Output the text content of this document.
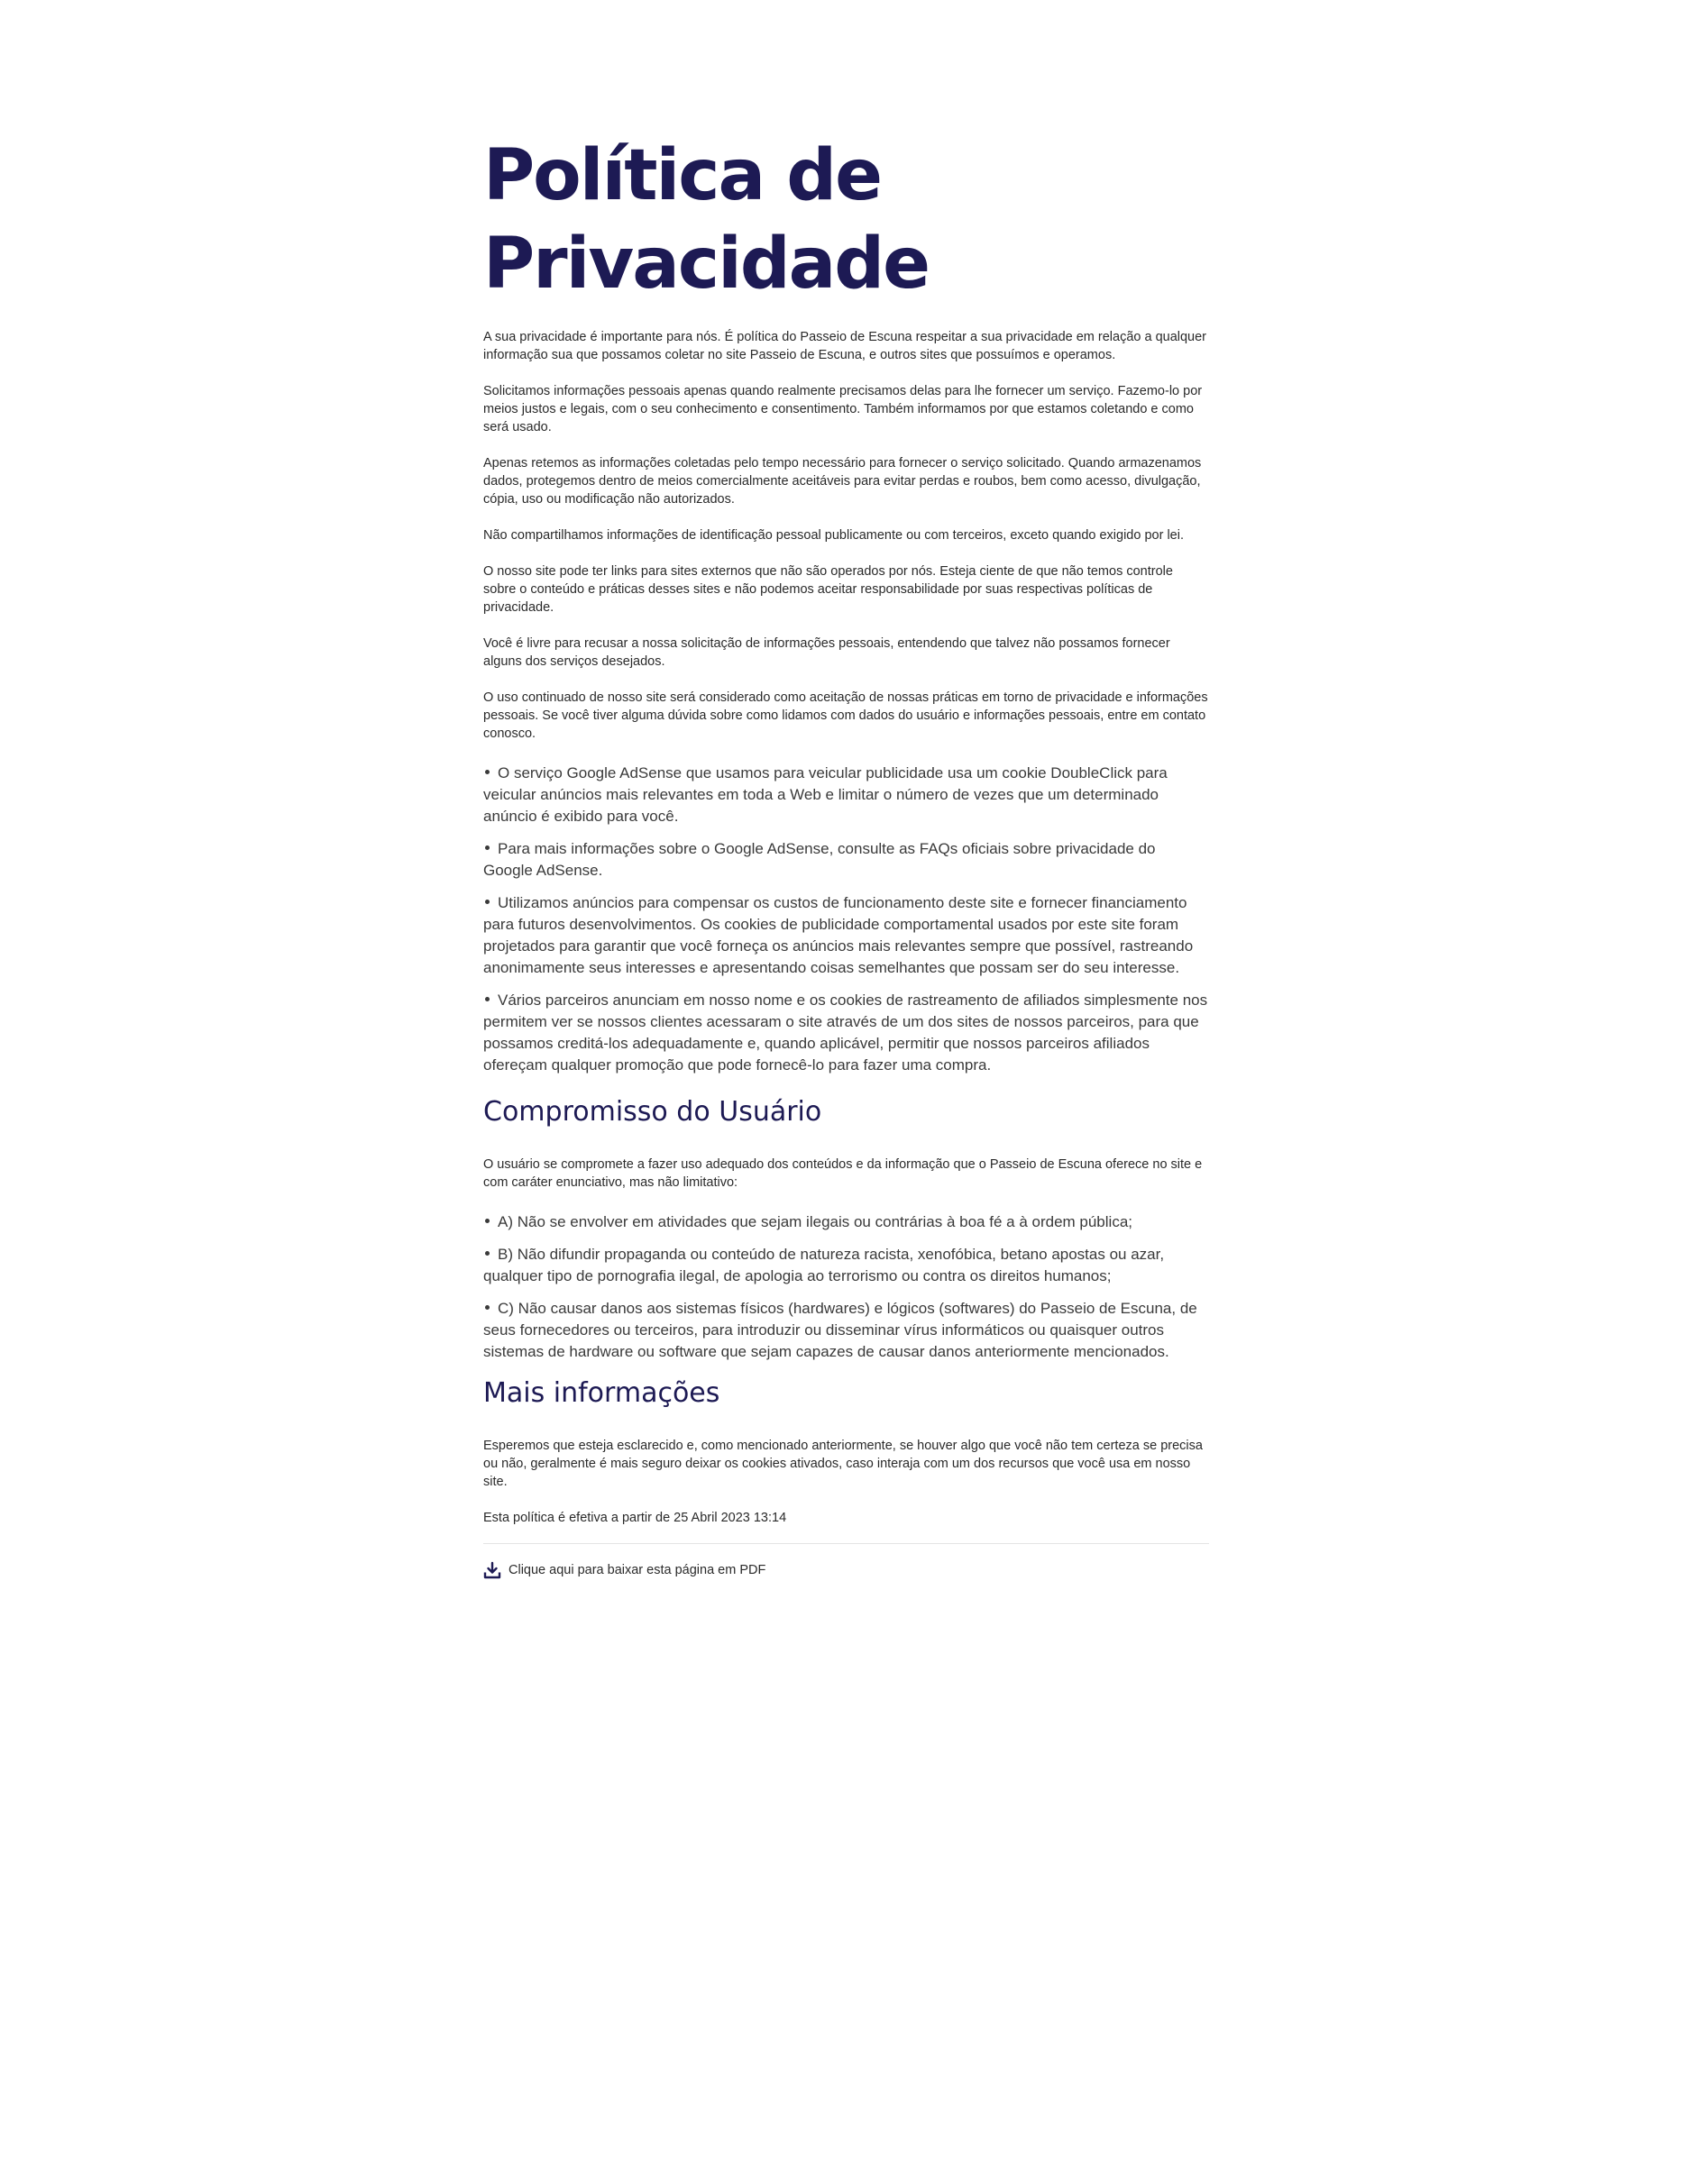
Política de
Privacidade

A sua privacidade é importante para nós. É política do Passeio de Escuna respeitar a sua privacidade em relação a qualquer informação sua que possamos coletar no site Passeio de Escuna, e outros sites que possuímos e operamos.

Solicitamos informações pessoais apenas quando realmente precisamos delas para lhe fornecer um serviço. Fazemo-lo por meios justos e legais, com o seu conhecimento e consentimento. Também informamos por que estamos coletando e como será usado.

Apenas retemos as informações coletadas pelo tempo necessário para fornecer o serviço solicitado. Quando armazenamos dados, protegemos dentro de meios comercialmente aceitáveis para evitar perdas e roubos, bem como acesso, divulgação, cópia, uso ou modificação não autorizados.

Não compartilhamos informações de identificação pessoal publicamente ou com terceiros, exceto quando exigido por lei.

O nosso site pode ter links para sites externos que não são operados por nós. Esteja ciente de que não temos controle sobre o conteúdo e práticas desses sites e não podemos aceitar responsabilidade por suas respectivas políticas de privacidade.

Você é livre para recusar a nossa solicitação de informações pessoais, entendendo que talvez não possamos fornecer alguns dos serviços desejados.

O uso continuado de nosso site será considerado como aceitação de nossas práticas em torno de privacidade e informações pessoais. Se você tiver alguma dúvida sobre como lidamos com dados do usuário e informações pessoais, entre em contato conosco.

O serviço Google AdSense que usamos para veicular publicidade usa um cookie DoubleClick para veicular anúncios mais relevantes em toda a Web e limitar o número de vezes que um determinado anúncio é exibido para você.
Para mais informações sobre o Google AdSense, consulte as FAQs oficiais sobre privacidade do Google AdSense.
Utilizamos anúncios para compensar os custos de funcionamento deste site e fornecer financiamento para futuros desenvolvimentos. Os cookies de publicidade comportamental usados por este site foram projetados para garantir que você forneça os anúncios mais relevantes sempre que possível, rastreando anonimamente seus interesses e apresentando coisas semelhantes que possam ser do seu interesse.
Vários parceiros anunciam em nosso nome e os cookies de rastreamento de afiliados simplesmente nos permitem ver se nossos clientes acessaram o site através de um dos sites de nossos parceiros, para que possamos creditá-los adequadamente e, quando aplicável, permitir que nossos parceiros afiliados ofereçam qualquer promoção que pode fornecê-lo para fazer uma compra.
Compromisso do Usuário

O usuário se compromete a fazer uso adequado dos conteúdos e da informação que o Passeio de Escuna oferece no site e com caráter enunciativo, mas não limitativo:

A) Não se envolver em atividades que sejam ilegais ou contrárias à boa fé a à ordem pública;
B) Não difundir propaganda ou conteúdo de natureza racista, xenofóbica, betano apostas ou azar, qualquer tipo de pornografia ilegal, de apologia ao terrorismo ou contra os direitos humanos;
C) Não causar danos aos sistemas físicos (hardwares) e lógicos (softwares) do Passeio de Escuna, de seus fornecedores ou terceiros, para introduzir ou disseminar vírus informáticos ou quaisquer outros sistemas de hardware ou software que sejam capazes de causar danos anteriormente mencionados.
Mais informações

Esperemos que esteja esclarecido e, como mencionado anteriormente, se houver algo que você não tem certeza se precisa ou não, geralmente é mais seguro deixar os cookies ativados, caso interaja com um dos recursos que você usa em nosso site.

Esta política é efetiva a partir de 25 Abril 2023 13:14

Clique aqui para baixar esta página em PDF
